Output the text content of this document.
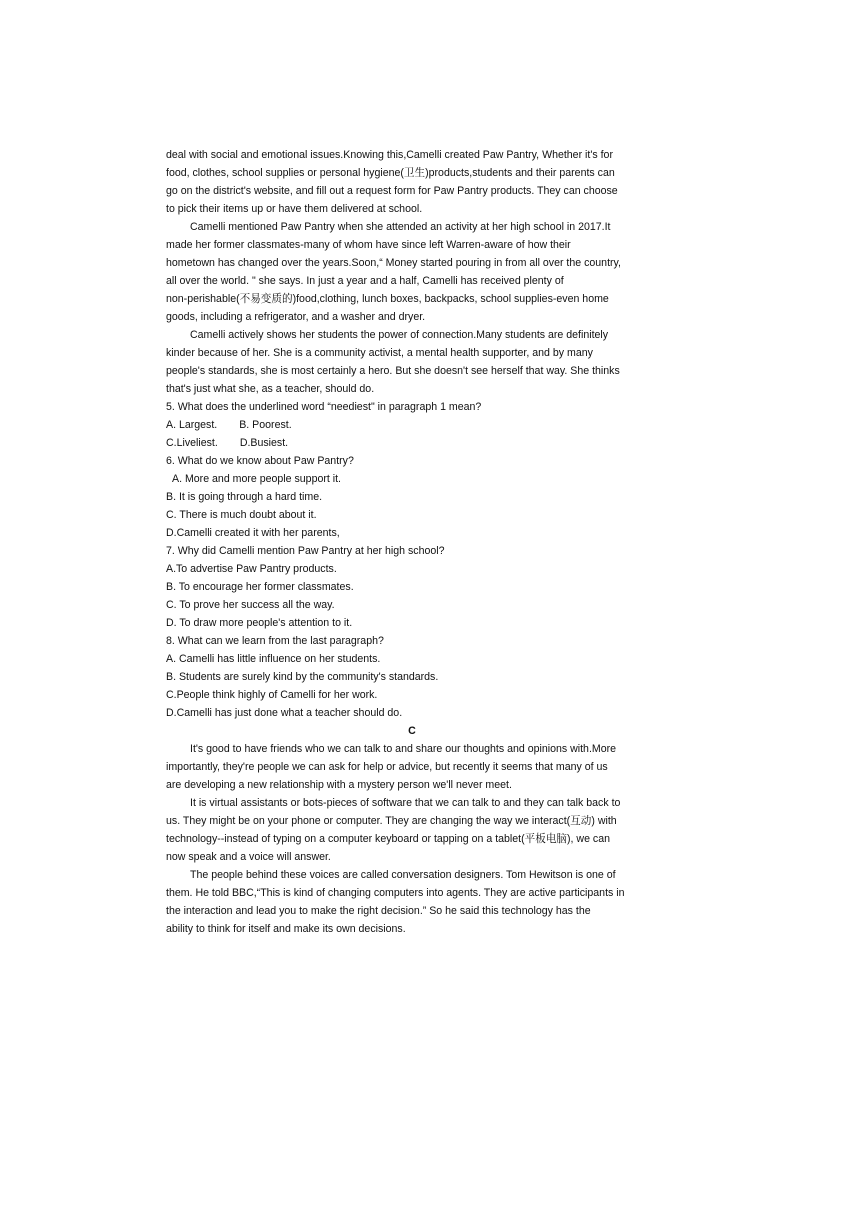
deal with social and emotional issues.Knowing this,Camelli created Paw Pantry, Whether it's for
food, clothes, school supplies or personal hygiene(卫生)products,students and their parents can
go on the district's website, and fill out a request form for Paw Pantry products. They can choose
to pick their items up or have them delivered at school.
Camelli mentioned Paw Pantry when she attended an activity at her high school in 2017.It
made her former classmates-many of whom have since left Warren-aware of how their
hometown has changed over the years.Soon,“ Money started pouring in from all over the country,
all over the world. " she says. In just a year and a half, Camelli has received plenty of
non-perishable(不易变质的)food,clothing, lunch boxes, backpacks, school supplies-even home
goods, including a refrigerator, and a washer and dryer.
Camelli actively shows her students the power of connection.Many students are definitely
kinder because of her. She is a community activist, a mental health supporter, and by many
people's standards, she is most certainly a hero. But she doesn't see herself that way. She thinks
that's just what she, as a teacher, should do.
5. What does the underlined word “neediest" in paragraph 1 mean?
A. Largest. B. Poorest.
C.Liveliest. D.Busiest.
6. What do we know about Paw Pantry?
A. More and more people support it.
B. It is going through a hard time.
C. There is much doubt about it.
D.Camelli created it with her parents,
7. Why did Camelli mention Paw Pantry at her high school?
A.To advertise Paw Pantry products.
B. To encourage her former classmates.
C. To prove her success all the way.
D. To draw more people's attention to it.
8. What can we learn from the last paragraph?
A. Camelli has little influence on her students.
B. Students are surely kind by the community's standards.
C.People think highly of Camelli for her work.
D.Camelli has just done what a teacher should do.
C
It's good to have friends who we can talk to and share our thoughts and opinions with.More
importantly, they're people we can ask for help or advice, but recently it seems that many of us
are developing a new relationship with a mystery person we'll never meet.
It is virtual assistants or bots-pieces of software that we can talk to and they can talk back to
us. They might be on your phone or computer. They are changing the way we interact(互动) with
technology--instead of typing on a computer keyboard or tapping on a tablet(平板电脑), we can
now speak and a voice will answer.
The people behind these voices are called conversation designers. Tom Hewitson is one of
them. He told BBC,“This is kind of changing computers into agents. They are active participants in
the interaction and lead you to make the right decision.” So he said this technology has the
ability to think for itself and make its own decisions.
